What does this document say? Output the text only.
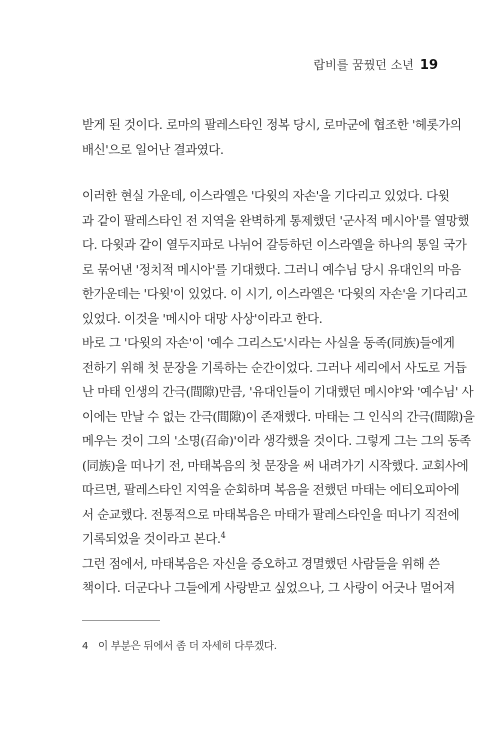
랍비를 꿈꿨던 소년 19
받게 된 것이다. 로마의 팔레스타인 정복 당시, 로마군에 협조한 '헤롯가의
배신'으로 일어난 결과였다.
이러한 현실 가운데, 이스라엘은 '다윗의 자손'을 기다리고 있었다. 다윗
과 같이 팔레스타인 전 지역을 완벽하게 통제했던 '군사적 메시아'를 열망했
다. 다윗과 같이 열두지파로 나뉘어 갈등하던 이스라엘을 하나의 통일 국가
로 묶어낸 '정치적 메시아'를 기대했다. 그러니 예수님 당시 유대인의 마음
한가운데는 '다윗'이 있었다. 이 시기, 이스라엘은 '다윗의 자손'을 기다리고
있었다. 이것을 '메시아 대망 사상'이라고 한다.
바로 그 '다윗의 자손'이 '예수 그리스도'시라는 사실을 동족(同族)들에게
전하기 위해 첫 문장을 기록하는 순간이었다. 그러나 세리에서 사도로 거듭
난 마태 인생의 간극(間隙)만큼, '유대인들이 기대했던 메시야'와 '예수님' 사
이에는 만날 수 없는 간극(間隙)이 존재했다. 마태는 그 인식의 간극(間隙)을
메우는 것이 그의 '소명(召命)'이라 생각했을 것이다. 그렇게 그는 그의 동족
(同族)을 떠나기 전, 마태복음의 첫 문장을 써 내려가기 시작했다. 교회사에
따르면, 팔레스타인 지역을 순회하며 복음을 전했던 마태는 에티오피아에
서 순교했다. 전통적으로 마태복음은 마태가 팔레스타인을 떠나기 직전에
기록되었을 것이라고 본다.$^4$
그런 점에서, 마태복음은 자신을 증오하고 경멸했던 사람들을 위해 쓴
책이다. 더군다나 그들에게 사랑받고 싶었으나, 그 사랑이 어긋나 멀어져
4 이 부분은 뒤에서 좀 더 자세히 다루겠다.
